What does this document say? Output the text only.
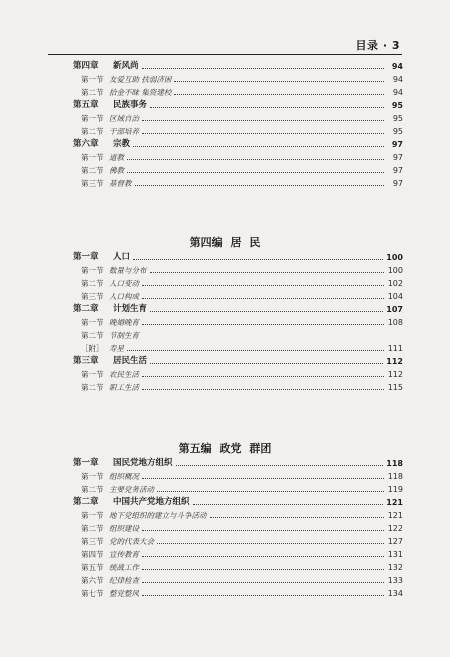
目录 · 3
第四章	新风尚	94
第一节 友爱互助 扶弱济困	94
第二节 拾金不昧 集资建校	94
第五章	民族事务	95
第一节 区域自治	95
第二节 干部培养	95
第六章	宗教	97
第一节 道教	97
第二节 佛教	97
第三节 基督教	97
第四编 居 民
第一章	人口	100
第一节 数量与分布	100
第二节 人口变动	102
第三节 人口构成	104
第二章	计划生育	107
第一节 晚婚晚育	108
第二节 节制生育
［附］ 寿星	111
第三章	居民生活	112
第一节 农民生活	112
第二节 职工生活	115
第五编 政党 群团
第一章	国民党地方组织	118
第一节 组织概况	118
第二节 主要党务活动	119
第二章	中国共产党地方组织	121
第一节 地下党组织的建立与斗争活动	121
第二节 组织建设	122
第三节 党的代表大会	127
第四节 宣传教育	131
第五节 统战工作	132
第六节 纪律检查	133
第七节 整党整风	134
